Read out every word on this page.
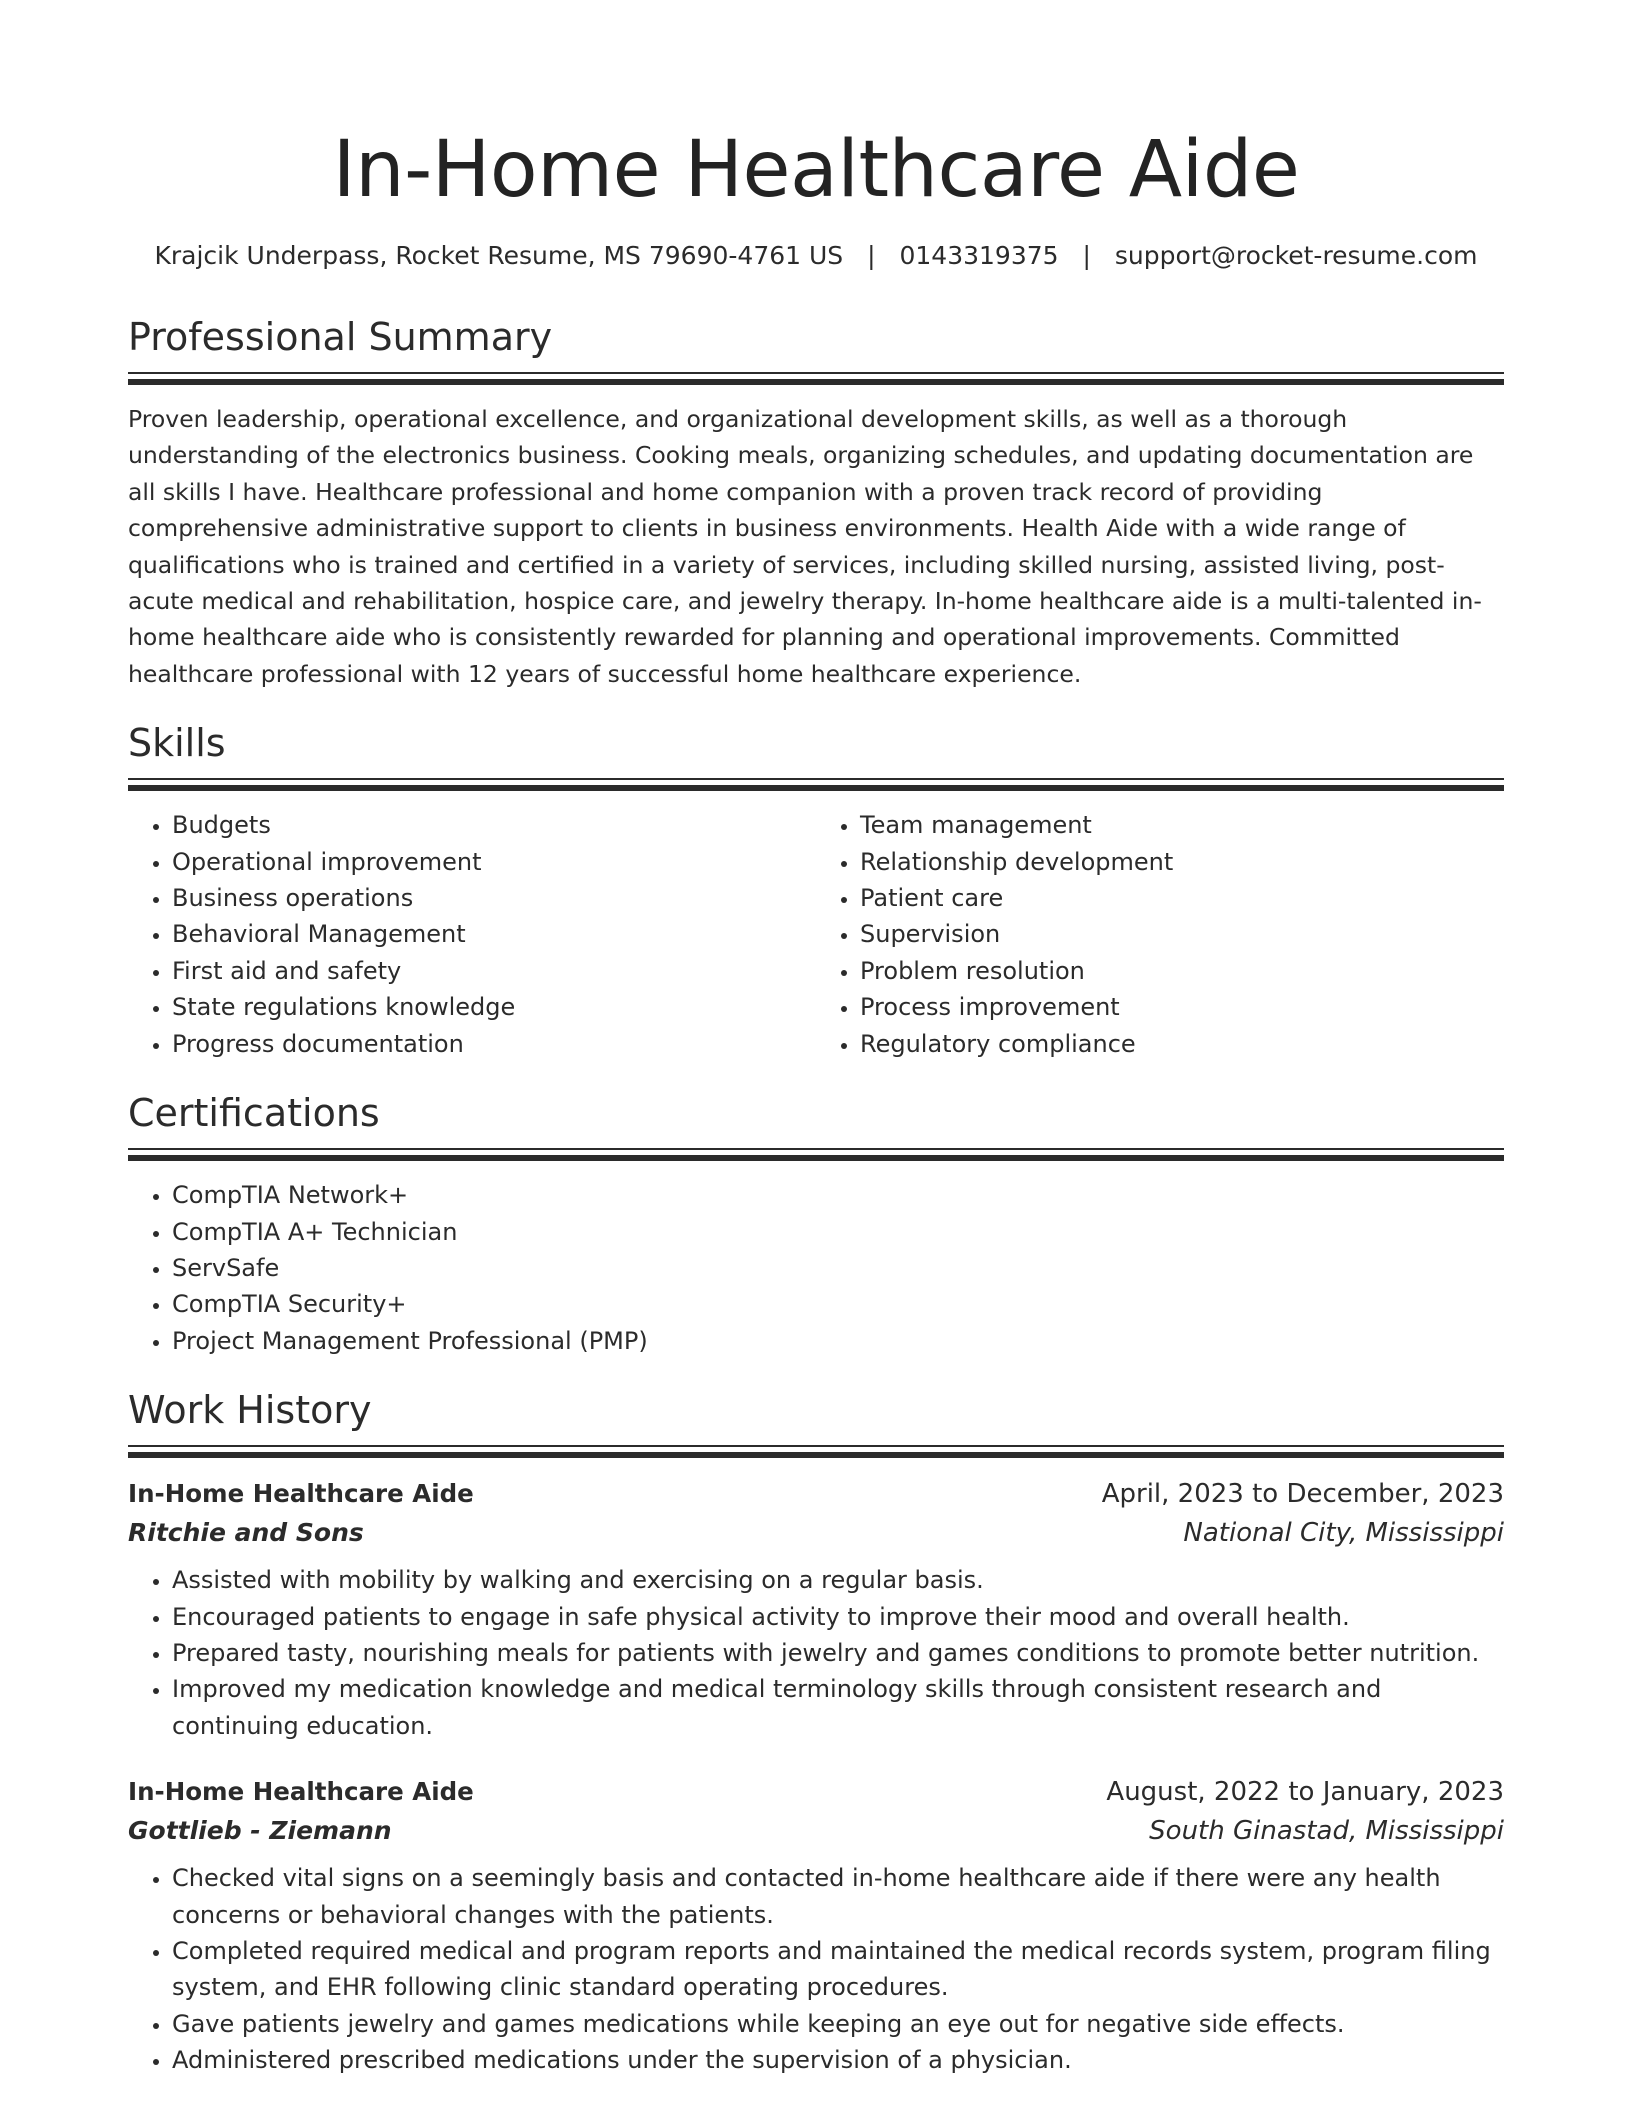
In-Home Healthcare Aide
Krajcik Underpass, Rocket Resume, MS 79690-4761 US | 0143319375 | support@rocket-resume.com
Professional Summary

Proven leadership, operational excellence, and organizational development skills, as well as a thorough understanding of the electronics business. Cooking meals, organizing schedules, and updating documentation are all skills I have. Healthcare professional and home companion with a proven track record of providing comprehensive administrative support to clients in business environments. Health Aide with a wide range of qualifications who is trained and certified in a variety of services, including skilled nursing, assisted living, post-acute medical and rehabilitation, hospice care, and jewelry therapy. In-home healthcare aide is a multi-talented in-home healthcare aide who is consistently rewarded for planning and operational improvements. Committed healthcare professional with 12 years of successful home healthcare experience.

Skills
• Budgets
• Operational improvement
• Business operations
• Behavioral Management
• First aid and safety
• State regulations knowledge
• Progress documentation
• Team management
• Relationship development
• Patient care
• Supervision
• Problem resolution
• Process improvement
• Regulatory compliance
Certifications
• CompTIA Network+
• CompTIA A+ Technician
• ServSafe
• CompTIA Security+
• Project Management Professional (PMP)
Work History
In-Home Healthcare Aide	April, 2023 to December, 2023
Ritchie and Sons	National City, Mississippi
• Assisted with mobility by walking and exercising on a regular basis.
• Encouraged patients to engage in safe physical activity to improve their mood and overall health.
• Prepared tasty, nourishing meals for patients with jewelry and games conditions to promote better nutrition.
• Improved my medication knowledge and medical terminology skills through consistent research and continuing education.
In-Home Healthcare Aide	August, 2022 to January, 2023
Gottlieb - Ziemann	South Ginastad, Mississippi
• Checked vital signs on a seemingly basis and contacted in-home healthcare aide if there were any health concerns or behavioral changes with the patients.
• Completed required medical and program reports and maintained the medical records system, program filing system, and EHR following clinic standard operating procedures.
• Gave patients jewelry and games medications while keeping an eye out for negative side effects.
• Administered prescribed medications under the supervision of a physician.
